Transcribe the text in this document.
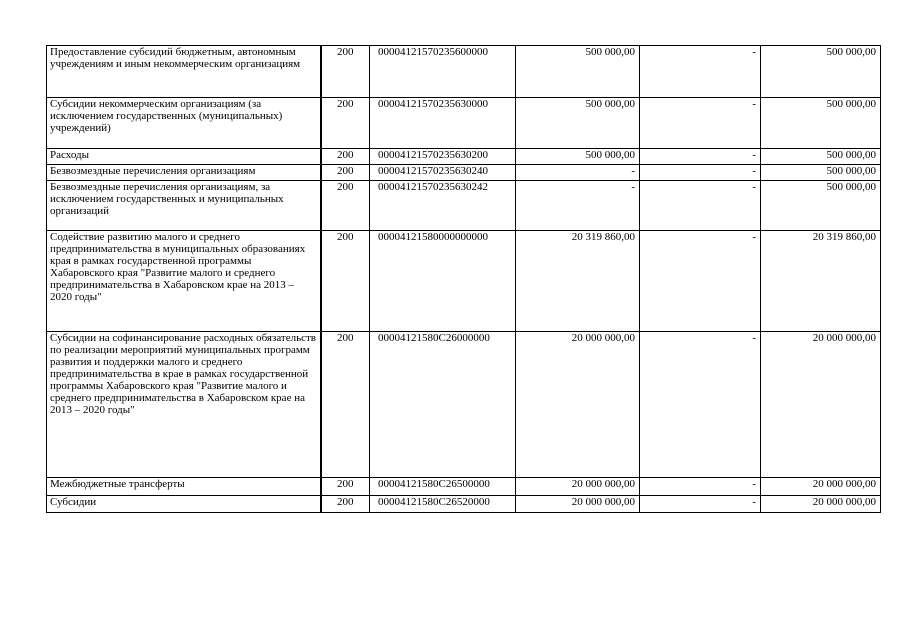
Предоставление субсидий бюджетным, автономным учреждениям и иным некоммерческим организациям	200	00004121570235600000	500 000,00	-	500 000,00
Субсидии некоммерческим организациям (за исключением государственных (муниципальных) учреждений)	200	00004121570235630000	500 000,00	-	500 000,00
Расходы	200	00004121570235630200	500 000,00	-	500 000,00
Безвозмездные перечисления организациям	200	00004121570235630240	-	-	500 000,00
Безвозмездные перечисления организациям, за исключением государственных и муниципальных организаций	200	00004121570235630242	-	-	500 000,00
Содействие развитию малого и среднего предпринимательства в муниципальных образованиях края в рамках государственной программы Хабаровского края "Развитие малого и среднего предпринимательства в Хабаровском крае на 2013 – 2020 годы"	200	00004121580000000000	20 319 860,00	-	20 319 860,00
Субсидии на софинансирование расходных обязательств по реализации мероприятий муниципальных программ развития и поддержки малого и среднего предпринимательства в крае в рамках государственной программы Хабаровского края "Развитие малого и среднего предпринимательства в Хабаровском крае на 2013 – 2020 годы"	200	00004121580C26000000	20 000 000,00	-	20 000 000,00
Межбюджетные трансферты	200	00004121580C26500000	20 000 000,00	-	20 000 000,00
Субсидии	200	00004121580C26520000	20 000 000,00	-	20 000 000,00
